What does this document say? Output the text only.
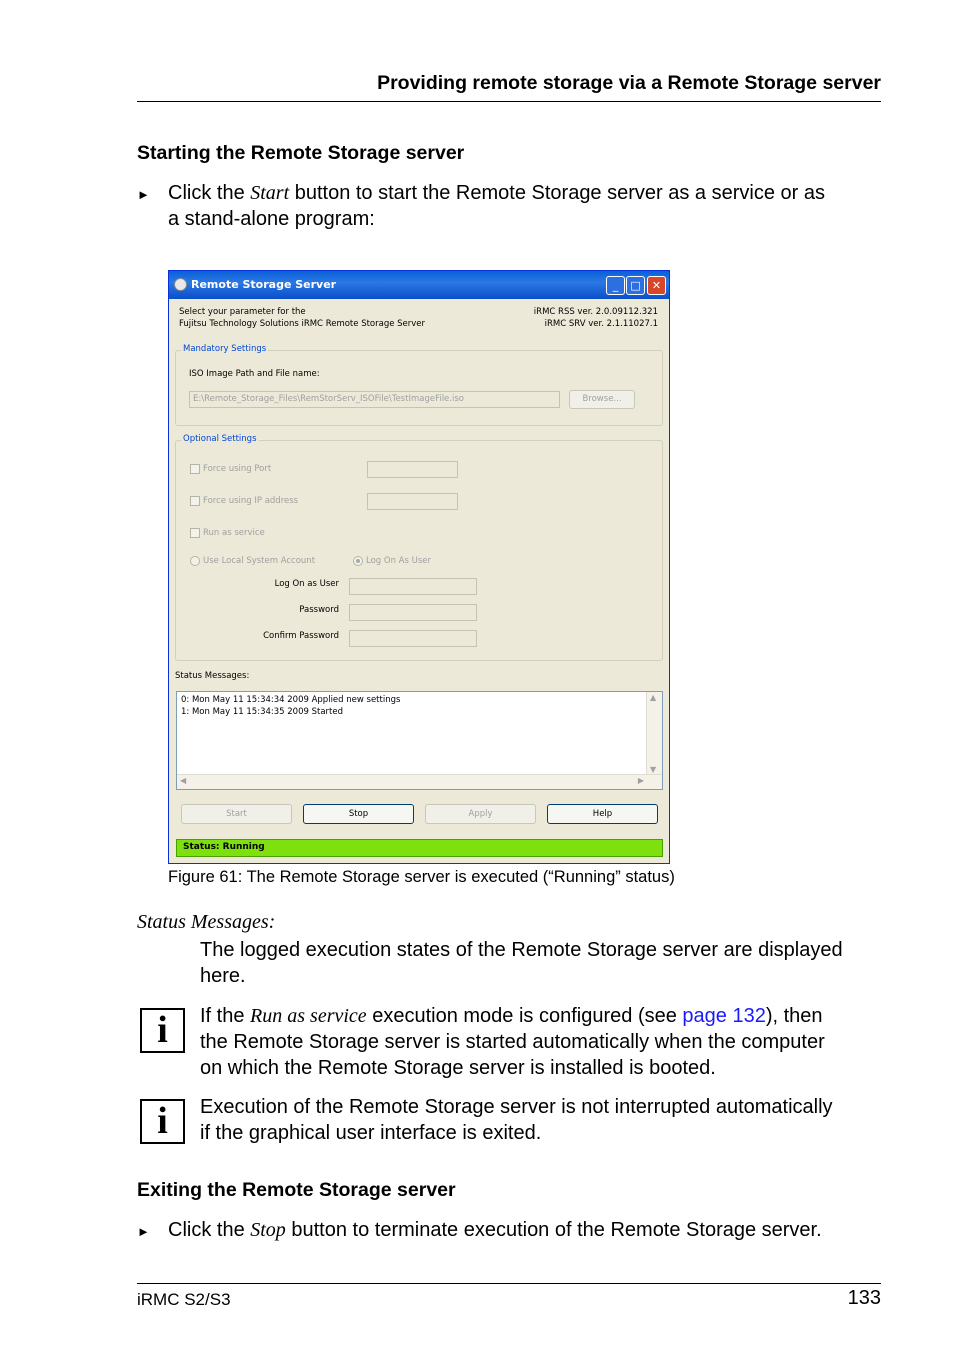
Providing remote storage via a Remote Storage server
Starting the Remote Storage server
► Click the Start button to start the Remote Storage server as a service or as
a stand-alone program:
Remote Storage Server	_	□	✕
Select your parameter for the
Fujitsu Technology Solutions iRMC Remote Storage Server
iRMC RSS ver. 2.0.09112.321
iRMC SRV ver. 2.1.11027.1
Mandatory Settings
ISO Image Path and File name:
E:\Remote_Storage_Files\RemStorServ_ISOFile\TestImageFile.iso	Browse...
Optional Settings
Force using Port
Force using IP address
Run as service
Use Local System Account	Log On As User
Log On as User
Password
Confirm Password
Status Messages:
0: Mon May 11 15:34:34 2009 Applied new settings
1: Mon May 11 15:34:35 2009 Started
▲
▼
◀	▶
Start	Stop	Apply	Help
Status: Running
Figure 61: The Remote Storage server is executed (“Running” status)
Status Messages:
The logged execution states of the Remote Storage server are displayed
here.
i	If the Run as service execution mode is configured (see page 132), then
the Remote Storage server is started automatically when the computer
on which the Remote Storage server is installed is booted.
i	Execution of the Remote Storage server is not interrupted automatically
if the graphical user interface is exited.
Exiting the Remote Storage server
► Click the Stop button to terminate execution of the Remote Storage server.
iRMC S2/S3	133
